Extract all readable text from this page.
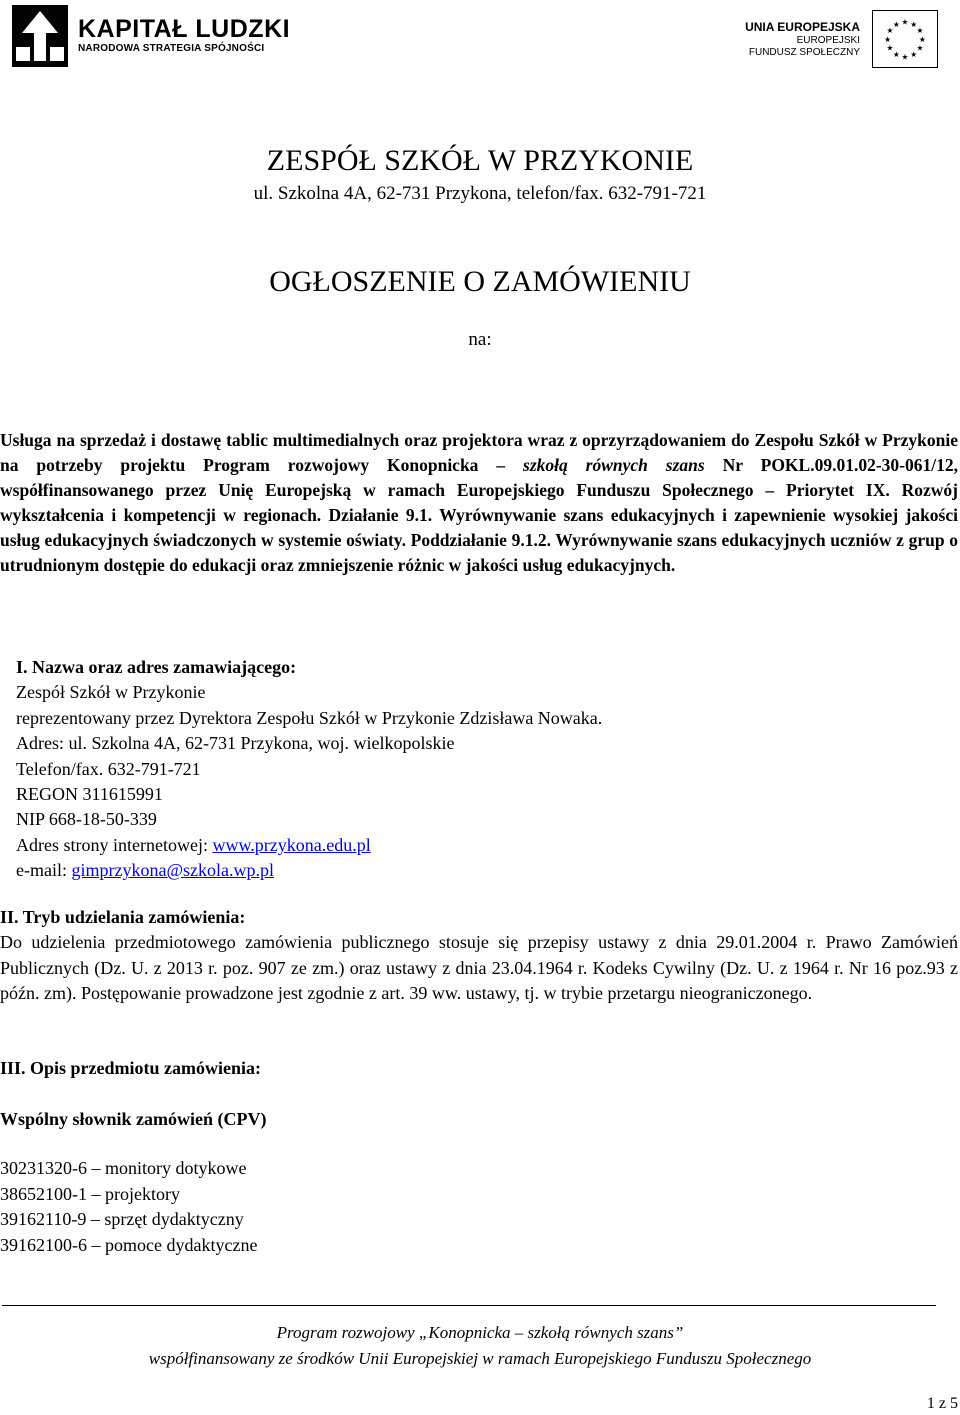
KAPITAŁ LUDZKI
NARODOWA STRATEGIA SPÓJNOŚCI
UNIA EUROPEJSKA
EUROPEJSKI
FUNDUSZ SPOŁECZNY
★ ★
★
★
★
★
★
★
★
★
★
★
ZESPÓŁ SZKÓŁ W PRZYKONIE
ul. Szkolna 4A, 62-731 Przykona, telefon/fax. 632-791-721
OGŁOSZENIE O ZAMÓWIENIU
na:
Usługa na sprzedaż i dostawę tablic multimedialnych oraz projektora wraz z oprzyrządowaniem do Zespołu Szkół w Przykonie na potrzeby projektu Program rozwojowy Konopnicka – szkołą równych szans Nr POKL.09.01.02-30-061/12, współfinansowanego przez Unię Europejską w ramach Europejskiego Funduszu Społecznego – Priorytet IX. Rozwój wykształcenia i kompetencji w regionach. Działanie 9.1. Wyrównywanie szans edukacyjnych i zapewnienie wysokiej jakości usług edukacyjnych świadczonych w systemie oświaty. Poddziałanie 9.1.2. Wyrównywanie szans edukacyjnych uczniów z grup o utrudnionym dostępie do edukacji oraz zmniejszenie różnic w jakości usług edukacyjnych.
I. Nazwa oraz adres zamawiającego:
Zespół Szkół w Przykonie
reprezentowany przez Dyrektora Zespołu Szkół w Przykonie Zdzisława Nowaka.
Adres: ul. Szkolna 4A, 62-731 Przykona, woj. wielkopolskie
Telefon/fax. 632-791-721
REGON 311615991
NIP 668-18-50-339
Adres strony internetowej: www.przykona.edu.pl
e-mail: gimprzykona@szkola.wp.pl
II. Tryb udzielania zamówienia:
Do udzielenia przedmiotowego zamówienia publicznego stosuje się przepisy ustawy z dnia 29.01.2004 r. Prawo Zamówień Publicznych (Dz. U. z 2013 r. poz. 907 ze zm.) oraz ustawy z dnia 23.04.1964 r. Kodeks Cywilny (Dz. U. z 1964 r. Nr 16 poz.93 z późn. zm). Postępowanie prowadzone jest zgodnie z art. 39 ww. ustawy, tj. w trybie przetargu nieograniczonego.
III. Opis przedmiotu zamówienia:
Wspólny słownik zamówień (CPV)
30231320-6 – monitory dotykowe
38652100-1 – projektory
39162110-9 – sprzęt dydaktyczny
39162100-6 – pomoce dydaktyczne
Program rozwojowy „Konopnicka – szkołą równych szans”
współfinansowany ze środków Unii Europejskiej w ramach Europejskiego Funduszu Społecznego
1 z 5
